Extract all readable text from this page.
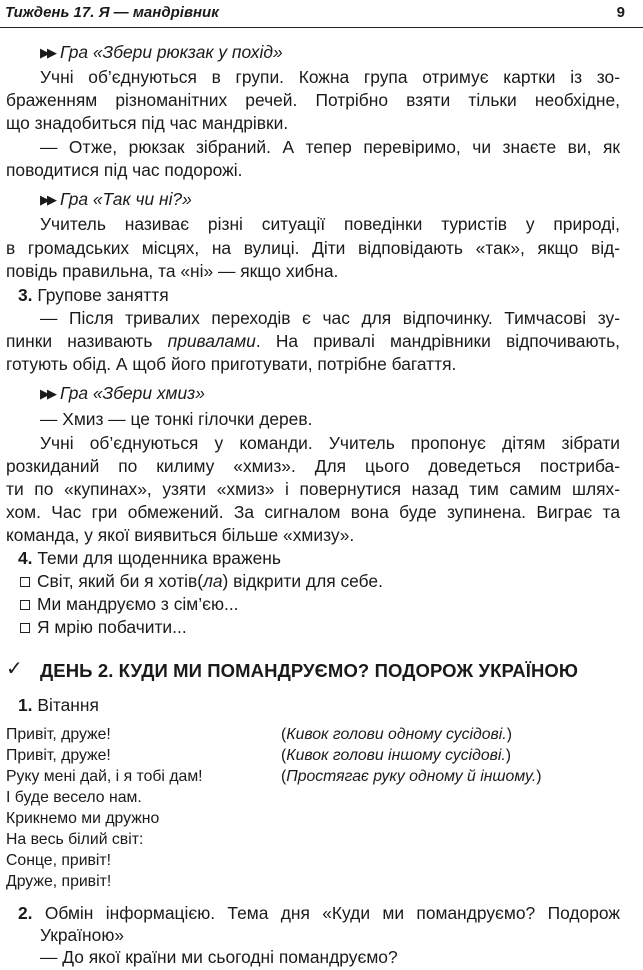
Тиждень 17. Я — мандрівник	9
▶▶ Гра «Збери рюкзак у похід»
Учні об’єднуються в групи. Кожна група отримує картки із зо-
браженням різноманітних речей. Потрібно взяти тільки необхідне,
що знадобиться під час мандрівки.
— Отже, рюкзак зібраний. А тепер перевіримо, чи знаєте ви, як
поводитися під час подорожі.
▶▶ Гра «Так чи ні?»
Учитель називає різні ситуації поведінки туристів у природі,
в громадських місцях, на вулиці. Діти відповідають «так», якщо від-
повідь правильна, та «ні» — якщо хибна.
3. Групове заняття
— Після тривалих переходів є час для відпочинку. Тимчасові зу-
пинки називають привалами. На привалі мандрівники відпочивають,
готують обід. А щоб його приготувати, потрібне багаття.
▶▶ Гра «Збери хмиз»
— Хмиз — це тонкі гілочки дерев.
Учні об’єднуються у команди. Учитель пропонує дітям зібрати
розкиданий по килиму «хмиз». Для цього доведеться постриба-
ти по «купинах», узяти «хмиз» і повернутися назад тим самим шлях-
хом. Час гри обмежений. За сигналом вона буде зупинена. Виграє та
команда, у якої виявиться більше «хмизу».
4. Теми для щоденника вражень
Світ, який би я хотів(ла) відкрити для себе.
Ми мандруємо з сім’єю...
Я мрію побачити...
✓ ДЕНЬ 2. КУДИ МИ ПОМАНДРУЄМО? ПОДОРОЖ УКРАЇНОЮ
1. Вітання
Привіт, друже!
Привіт, друже!
Руку мені дай, і я тобі дам!
І буде весело нам.
Крикнемо ми дружно
На весь білий світ:
Сонце, привіт!
Друже, привіт!
(Кивок голови одному сусідові.)
(Кивок голови іншому сусідові.)
(Простягає руку одному й іншому.)
2. Обмін інформацією. Тема дня «Куди ми помандруємо? Подорож
Україною»
— До якої країни ми сьогодні помандруємо?
